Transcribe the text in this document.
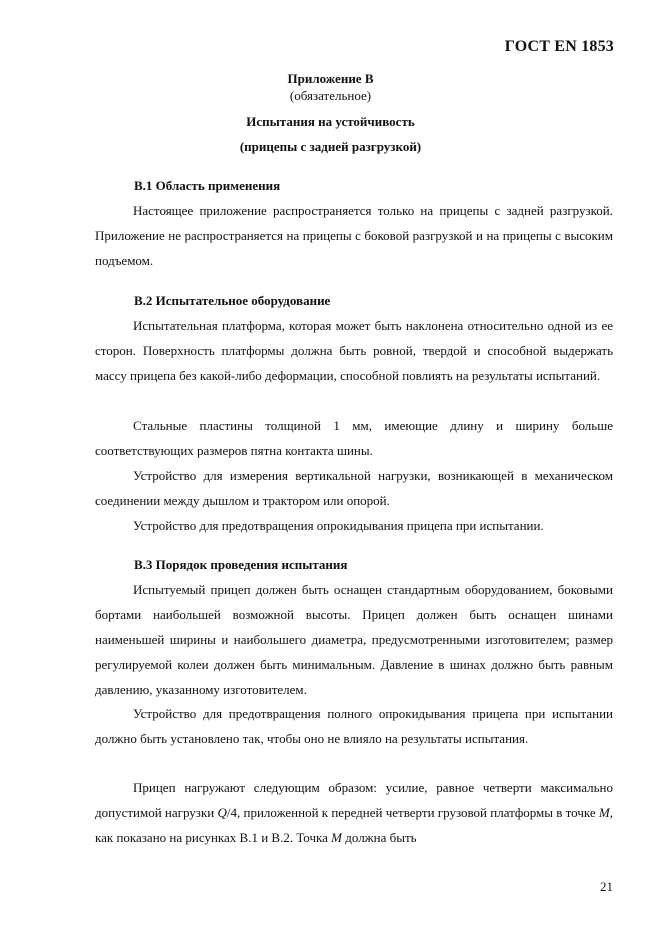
ГОСТ EN 1853
Приложение В
(обязательное)
Испытания на устойчивость
(прицепы с задней разгрузкой)
В.1 Область применения

Настоящее приложение распространяется только на прицепы с задней разгрузкой. Приложение не распространяется на прицепы с боковой разгрузкой и на прицепы с высоким подъемом.

В.2 Испытательное оборудование

Испытательная платформа, которая может быть наклонена относительно одной из ее сторон. Поверхность платформы должна быть ровной, твердой и способной выдержать массу прицепа без какой-либо деформации, способной повлиять на результаты испытаний.

Стальные пластины толщиной 1 мм, имеющие длину и ширину больше соответствующих размеров пятна контакта шины.

Устройство для измерения вертикальной нагрузки, возникающей в механическом соединении между дышлом и трактором или опорой.

Устройство для предотвращения опрокидывания прицепа при испытании.

В.3 Порядок проведения испытания

Испытуемый прицеп должен быть оснащен стандартным оборудованием, боковыми бортами наибольшей возможной высоты. Прицеп должен быть оснащен шинами наименьшей ширины и наибольшего диаметра, предусмотренными изготовителем; размер регулируемой колеи должен быть минимальным. Давление в шинах должно быть равным давлению, указанному изготовителем.

Устройство для предотвращения полного опрокидывания прицепа при испытании должно быть установлено так, чтобы оно не влияло на результаты испытания.

Прицеп нагружают следующим образом: усилие, равное четверти максимально допустимой нагрузки Q/4, приложенной к передней четверти грузовой платформы в точке M, как показано на рисунках В.1 и В.2. Точка M должна быть

21
